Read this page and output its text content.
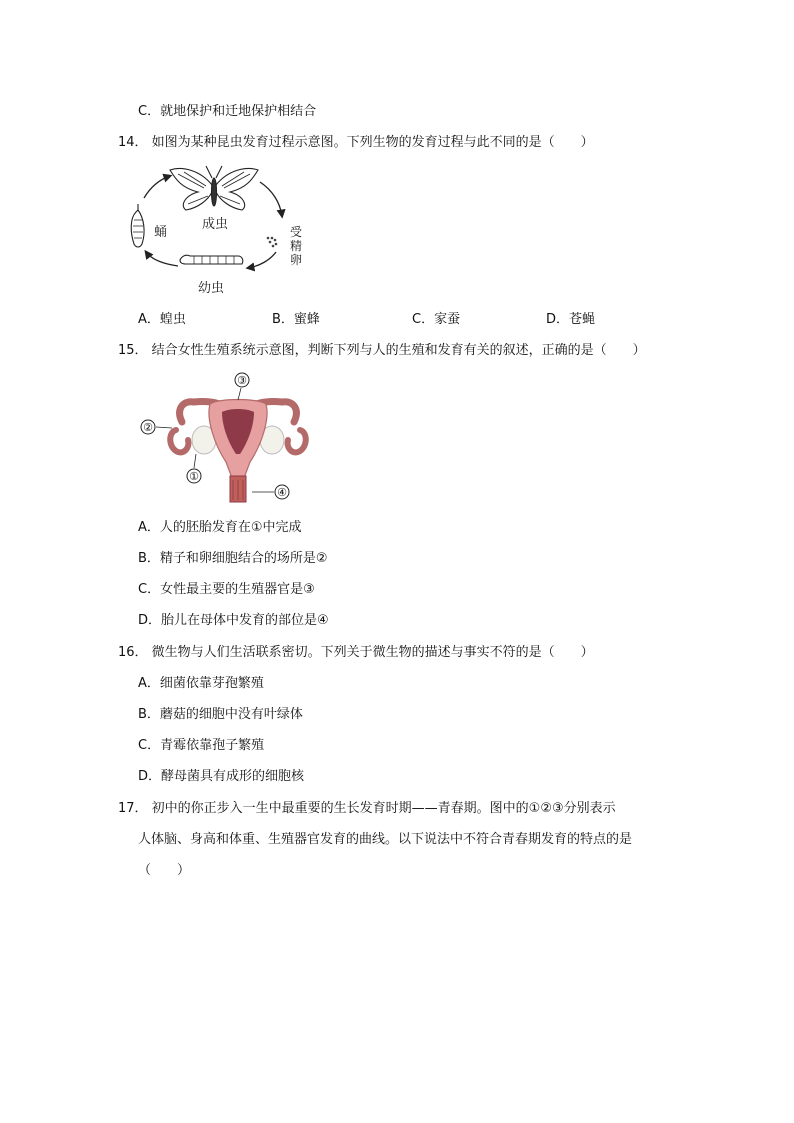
C．就地保护和迁地保护相结合
14． 如图为某种昆虫发育过程示意图。下列生物的发育过程与此不同的是（　　）
成虫	受
精
卵
幼虫
蛹
A．蝗虫	B．蜜蜂	C．家蚕	D．苍蝇
15． 结合女性生殖系统示意图，判断下列与人的生殖和发育有关的叙述，正确的是（　　）
③
②
①
④
A．人的胚胎发育在①中完成
B．精子和卵细胞结合的场所是②
C．女性最主要的生殖器官是③
D．胎儿在母体中发育的部位是④
16． 微生物与人们生活联系密切。下列关于微生物的描述与事实不符的是（　　）
A．细菌依靠芽孢繁殖
B．蘑菇的细胞中没有叶绿体
C．青霉依靠孢子繁殖
D．酵母菌具有成形的细胞核
17． 初中的你正步入一生中最重要的生长发育时期——青春期。图中的①②③分别表示
人体脑、身高和体重、生殖器官发育的曲线。以下说法中不符合青春期发育的特点的是
（　　）
